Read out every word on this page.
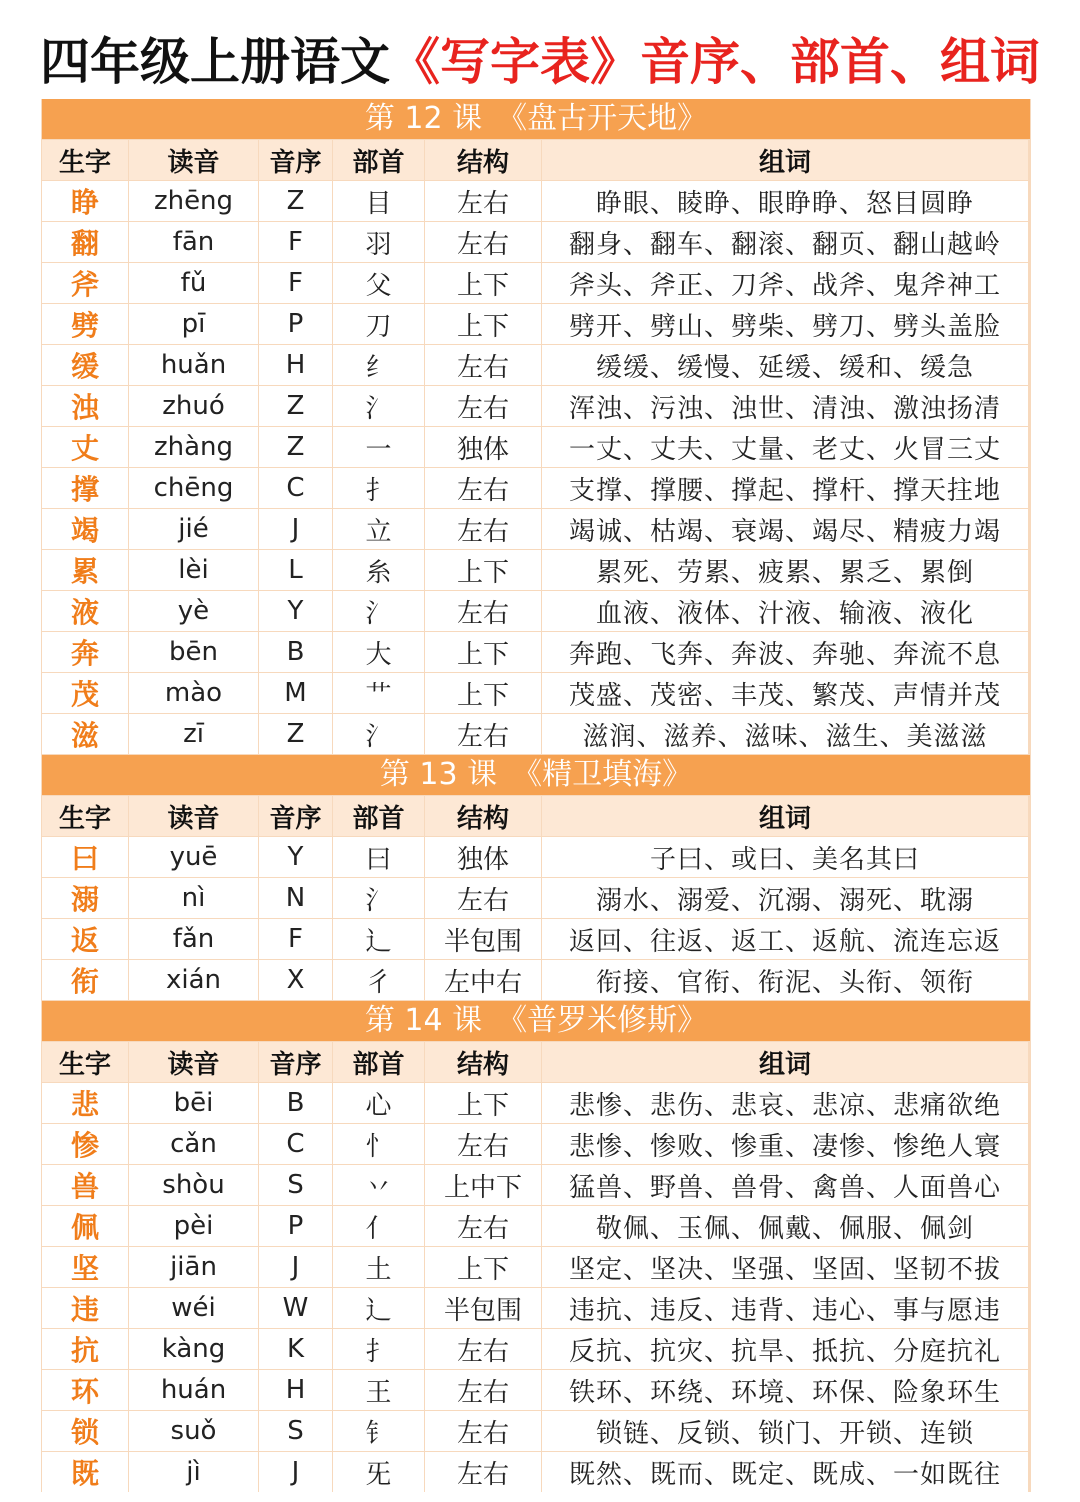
四年级上册语文《写字表》音序、部首、组词
第 12 课　《盘古开天地》
生字	读音	音序	部首	结构	组词
睁	zhēng	Z	目	左右	睁眼、睖睁、眼睁睁、怒目圆睁
翻	fān	F	羽	左右	翻身、翻车、翻滚、翻页、翻山越岭
斧	fǔ	F	父	上下	斧头、斧正、刀斧、战斧、鬼斧神工
劈	pī	P	刀	上下	劈开、劈山、劈柴、劈刀、劈头盖脸
缓	huǎn	H	纟	左右	缓缓、缓慢、延缓、缓和、缓急
浊	zhuó	Z	氵	左右	浑浊、污浊、浊世、清浊、激浊扬清
丈	zhàng	Z	一	独体	一丈、丈夫、丈量、老丈、火冒三丈
撑	chēng	C	扌	左右	支撑、撑腰、撑起、撑杆、撑天拄地
竭	jié	J	立	左右	竭诚、枯竭、衰竭、竭尽、精疲力竭
累	lèi	L	糸	上下	累死、劳累、疲累、累乏、累倒
液	yè	Y	氵	左右	血液、液体、汁液、输液、液化
奔	bēn	B	大	上下	奔跑、飞奔、奔波、奔驰、奔流不息
茂	mào	M	艹	上下	茂盛、茂密、丰茂、繁茂、声情并茂
滋	zī	Z	氵	左右	滋润、滋养、滋味、滋生、美滋滋
第 13 课　《精卫填海》
生字	读音	音序	部首	结构	组词
曰	yuē	Y	曰	独体	子曰、或曰、美名其曰
溺	nì	N	氵	左右	溺水、溺爱、沉溺、溺死、耽溺
返	fǎn	F	辶	半包围	返回、往返、返工、返航、流连忘返
衔	xián	X	彳	左中右	衔接、官衔、衔泥、头衔、领衔
第 14 课　《普罗米修斯》
生字	读音	音序	部首	结构	组词
悲	bēi	B	心	上下	悲惨、悲伤、悲哀、悲凉、悲痛欲绝
惨	cǎn	C	忄	左右	悲惨、惨败、惨重、凄惨、惨绝人寰
兽	shòu	S	丷	上中下	猛兽、野兽、兽骨、禽兽、人面兽心
佩	pèi	P	亻	左右	敬佩、玉佩、佩戴、佩服、佩剑
坚	jiān	J	土	上下	坚定、坚决、坚强、坚固、坚韧不拔
违	wéi	W	辶	半包围	违抗、违反、违背、违心、事与愿违
抗	kàng	K	扌	左右	反抗、抗灾、抗旱、抵抗、分庭抗礼
环	huán	H	王	左右	铁环、环绕、环境、环保、险象环生
锁	suǒ	S	钅	左右	锁链、反锁、锁门、开锁、连锁
既	jì	J	旡	左右	既然、既而、既定、既成、一如既往
